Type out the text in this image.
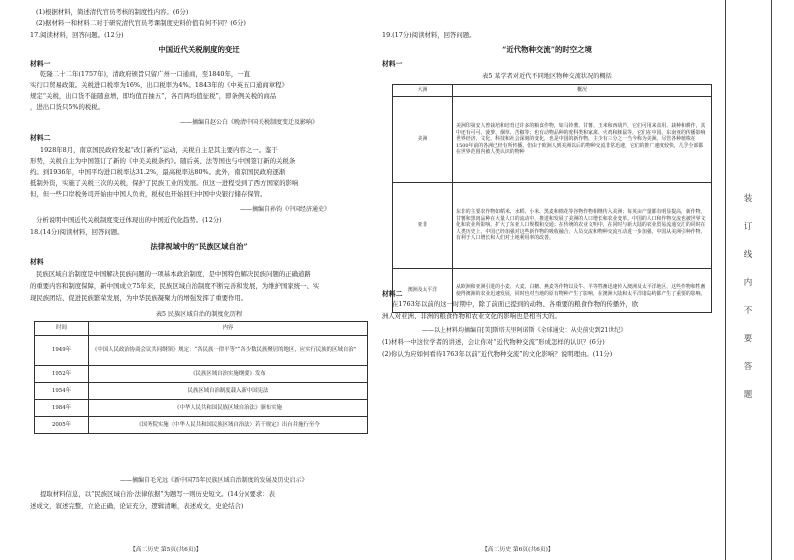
(1)根据材料，简述清代官员考核的制度性内容。(6分)
(2)据材料一和材料二对于研究清代官员考课制度史料价值有何不同？(6分)
17.阅读材料，回答问题。(12分)
中国近代关税制度的变迁
材料一
乾隆二十二年(1757年)，清政府颁旨只留广州一口通商，至1840年，一直
实行口贸易政策。关税进口税率为16%，出口税率为4%。1843年的《中英五口通商章程》
规定“关税，出口货不能随意增，即均值百抽五”，各百两均值征税”，即条例关税的商品
，进出口货只5%的税税。
——摘编自赵公白《晚清中国关税制度变迁及影响》
材料二
1928年8月，南京国民政府发起“改订新约”运动，关税自主是其主要内容之一。鉴于
形势，关税自主为中国签订了新的《中美关税条约》。随后英、法等国也与中国签订新的关税条
约。到1936年，中国平均进口税率达31.2%，最高税率达80%。此外，南京国民政府逐渐
抵制外资，实施了关税三次的关税，保护了民族工业的发展。但这一进程受到了西方国家的影响
但，但一些口岸税务司开始由中国人负责，税权也开始回归中国中央银行储存保管。
——摘编自孙钧《中国经济通史》
分析说明中国近代关税制度变迁体现出的中国近代化趋势。(12分)
18.(14分)阅读材料，回答问题。
法律视域中的“民族区域自治”
材料
民族区域自治制度是中国解决民族问题的一项基本政治制度，是中国特色解决民族问题的正确道路
的重要内容和制度保障，新中国成立75年来，民族区域自治制度不断完善和发展，为维护国家统一、实
现民族团结、促进民族繁荣发展，为中华民族凝聚力的增强发挥了重要作用。
表5 民族区域自治的制度化历程
时间	内容
1949年	《中国人民政治协商会议共同纲领》规定：“各民族一律平等”“各少数民族聚居的地区，应实行民族的区域自治”
1952年	《民族区域自治实施纲要》发布
1954年	民族区域自治制度载入新中国宪法
1984年	《中华人民共和国民族区域自治法》颁布实施
2005年	《国务院实施〈中华人民共和国民族区域自治法〉若干规定》出台并施行至今
——摘编自毛光远《新中国75年民族区域自治制度的发展及历史启示》
提取材料信息，以“民族区域自治·法律依据”为题写一则历史短文。(14分)(要求：表
述成文，叙述完整，立论正确，论证充分，逻辑清晰，表述成文，史论结合)
【高二历史 第5页(共6页)】
19.(17分)阅读材料，回答问题。
“近代物种交流”的时空之境
材料一
表5 某学者对近代不同地区物种交流状况的概括
大洲	概况
美洲	美洲印第安人曾栽培和培育过许多的粮食作物，如马铃薯、甘薯、玉米和西葫芦，它们可用来食用、栽种和耕作，其中还有可可、菠萝、烟草、苦椒等；也有动物品种的驼科类和家禽、火鸡和豚鼠等，它们在中国、东南亚的传播影响世界经济，文化、科技和社会深刻的变化，也是中国的新作物，主少有三分之一当今称为美洲。尽管各种植株在1500年前的各洲已经有所传播，但由于欧洲人到美洲以后的物种交流非常迅速，它们的推广速度较快，几乎全部都在世界范围内被人类认识的物种
亚非	东非的主要农作物如稻米、水稻、小米、黑麦和棉花等谷物作物相继传入美洲；每英亩产量都有明显提高，新作物、甘薯和黑肉品种在大量人口的流动中，推进和发展了美洲的人口增长和农业变革。中国的人口和作物交流也被世界文化和农业所影响，扩大了东亚人口规模和交通；在传统的农业文明中，在同时与新大陆的农业贸易流通交汇的同时在人类历史上，中国已经加强对这些新作物的吸收融合，人员交流和物种交流互动进一步加强，中国从美洲引种作物，有利于人口增长和人们对土地利用率的改善。
澳洲及太平洋	从欧洲和亚洲引进的小麦、大麦、白糖、燕麦等作物以及牛、羊等牲畜迅速传入澳洲及太平洋地区，这些作物和牲畜使得澳洲的农业迅速发展，同时也对当地的原有物种产生了影响，在澳洲大陆和太平洋诸岛屿都产生了重要的影响。
材料二
在1763年以前的这一时期中，除了前面已提到的动物、各重要的粮食作物的传播外，欧
洲人对亚洲、非洲的粮食作物和农业文化的影响也是相当大的。
——以上材料均摘编自[美]斯塔夫里阿诺斯《全球通史：从史前史到21世纪》
(1)材料一中这位学者的讲述，会让你对“近代物种交流”形成怎样的认识？(6分)
(2)你认为应如何看待1763年以前“近代物种交流”的文化影响？说明理由。(11分)
【高二历史 第6页(共6页)】
装
订
线
内
不
要
答
题
